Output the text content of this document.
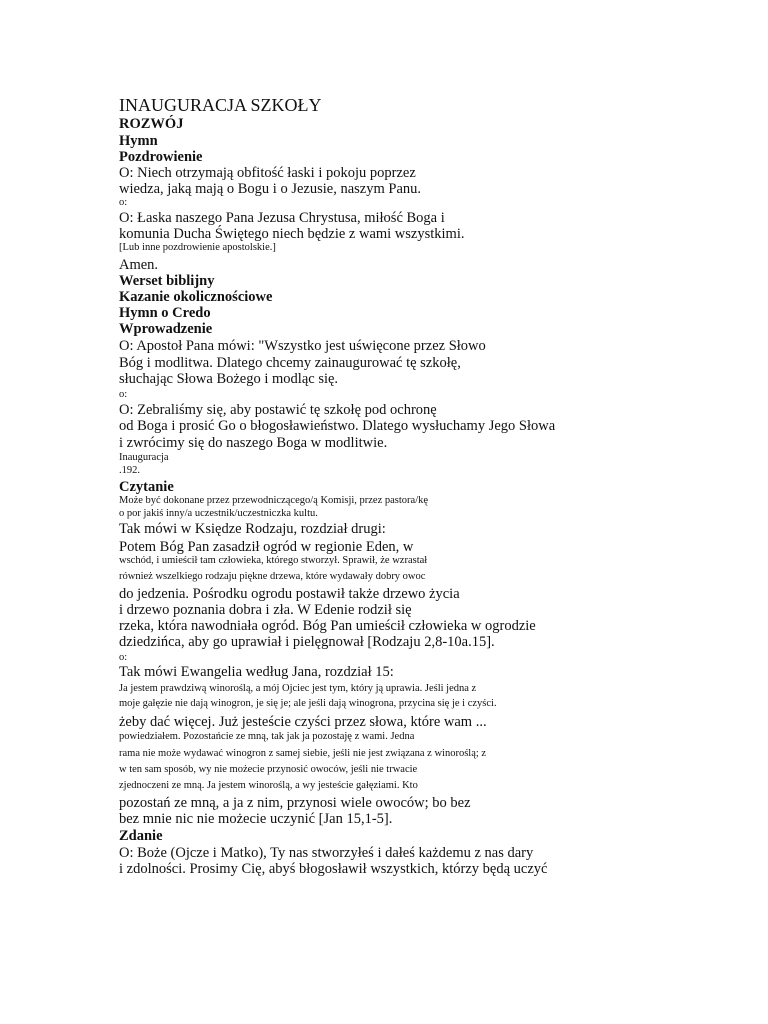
INAUGURACJA SZKOŁY
ROZWÓJ
Hymn
Pozdrowienie
O: Niech otrzymają obfitość łaski i pokoju poprzez
wiedza, jaką mają o Bogu i o Jezusie, naszym Panu.
o:
O: Łaska naszego Pana Jezusa Chrystusa, miłość Boga i
komunia Ducha Świętego niech będzie z wami wszystkimi.
[Lub inne pozdrowienie apostolskie.]
Amen.
Werset biblijny
Kazanie okolicznościowe
Hymn o Credo
Wprowadzenie
O: Apostoł Pana mówi: "Wszystko jest uświęcone przez Słowo
Bóg i modlitwa. Dlatego chcemy zainaugurować tę szkołę,
słuchając Słowa Bożego i modląc się.
o:
O: Zebraliśmy się, aby postawić tę szkołę pod ochronę
od Boga i prosić Go o błogosławieństwo. Dlatego wysłuchamy Jego Słowa
i zwrócimy się do naszego Boga w modlitwie.
Inauguracja
.192.
Czytanie
Może być dokonane przez przewodniczącego/ą Komisji, przez pastora/kę
o por jakiś inny/a uczestnik/uczestniczka kultu.
Tak mówi w Księdze Rodzaju, rozdział drugi:
Potem Bóg Pan zasadził ogród w regionie Eden, w
wschód, i umieścił tam człowieka, którego stworzył. Sprawił, że wzrastał
również wszelkiego rodzaju piękne drzewa, które wydawały dobry owoc
do jedzenia. Pośrodku ogrodu postawił także drzewo życia
i drzewo poznania dobra i zła. W Edenie rodził się
rzeka, która nawodniała ogród. Bóg Pan umieścił człowieka w ogrodzie
dziedzińca, aby go uprawiał i pielęgnował [Rodzaju 2,8-10a.15].
o:
Tak mówi Ewangelia według Jana, rozdział 15:
Ja jestem prawdziwą winoroślą, a mój Ojciec jest tym, który ją uprawia. Jeśli jedna z
moje gałęzie nie dają winogron, je się je; ale jeśli dają winogrona, przycina się je i czyści.
żeby dać więcej. Już jesteście czyści przez słowa, które wam ...
powiedziałem. Pozostańcie ze mną, tak jak ja pozostaję z wami. Jedna
rama nie może wydawać winogron z samej siebie, jeśli nie jest związana z winoroślą; z
w ten sam sposób, wy nie możecie przynosić owoców, jeśli nie trwacie
zjednoczeni ze mną. Ja jestem winoroślą, a wy jesteście gałęziami. Kto
pozostań ze mną, a ja z nim, przynosi wiele owoców; bo bez
bez mnie nic nie możecie uczynić [Jan 15,1-5].
Zdanie
O: Boże (Ojcze i Matko), Ty nas stworzyłeś i dałeś każdemu z nas dary
i zdolności. Prosimy Cię, abyś błogosławił wszystkich, którzy będą uczyć
